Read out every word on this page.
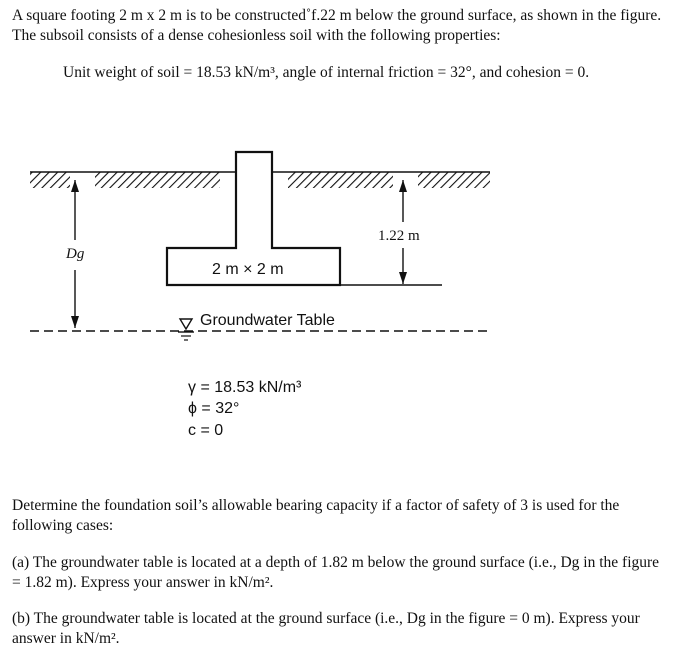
A square footing 2 m x 2 m is to be constructed˚f.22 m below the ground surface, as shown in the figure.
The subsoil consists of a dense cohesionless soil with the following properties:
Unit weight of soil = 18.53 kN/m³, angle of internal friction = 32°, and cohesion = 0.
1.22 m
Dg
Groundwater Table
2 m × 2 m
γ = 18.53 kN/m³
ϕ = 32°
c = 0
Determine the foundation soil’s allowable bearing capacity if a factor of safety of 3 is used for the
following cases:
(a) The groundwater table is located at a depth of 1.82 m below the ground surface (i.e., Dg in the figure
= 1.82 m). Express your answer in kN/m².
(b) The groundwater table is located at the ground surface (i.e., Dg in the figure = 0 m). Express your
answer in kN/m².
